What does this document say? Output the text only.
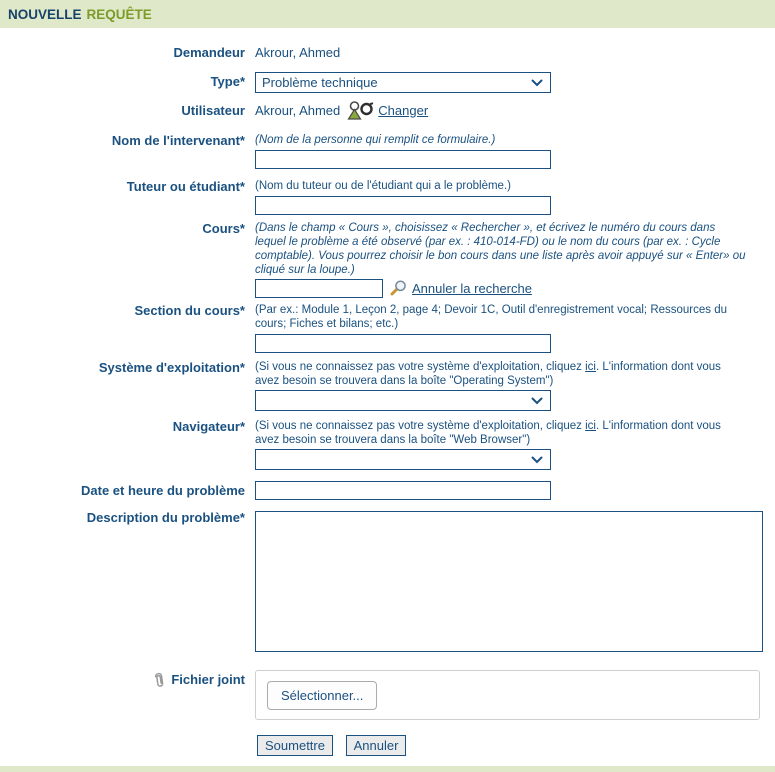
NOUVELLE REQUÊTE
Demandeur Akrour, Ahmed
Type* Problème technique
Utilisateur Akrour, Ahmed	Changer
Nom de l'intervenant* (Nom de la personne qui remplit ce formulaire.)
Tuteur ou étudiant* (Nom du tuteur ou de l'étudiant qui a le problème.)
Cours* (Dans le champ « Cours », choisissez « Rechercher », et écrivez le numéro du cours dans lequel le problème a été observé (par ex. : 410-014-FD) ou le nom du cours (par ex. : Cycle comptable). Vous pourrez choisir le bon cours dans une liste après avoir appuyé sur « Enter» ou cliqué sur la loupe.)
Annuler la recherche
Section du cours* (Par ex.: Module 1, Leçon 2, page 4; Devoir 1C, Outil d'enregistrement vocal; Ressources du cours; Fiches et bilans; etc.)
Système d'exploitation* (Si vous ne connaissez pas votre système d'exploitation, cliquez ici. L'information dont vous avez besoin se trouvera dans la boîte "Operating System")
Navigateur* (Si vous ne connaissez pas votre système d'exploitation, cliquez ici. L'information dont vous avez besoin se trouvera dans la boîte "Web Browser")
Date et heure du problème
Description du problème*
Fichier joint
Sélectionner...
Soumettre Annuler
